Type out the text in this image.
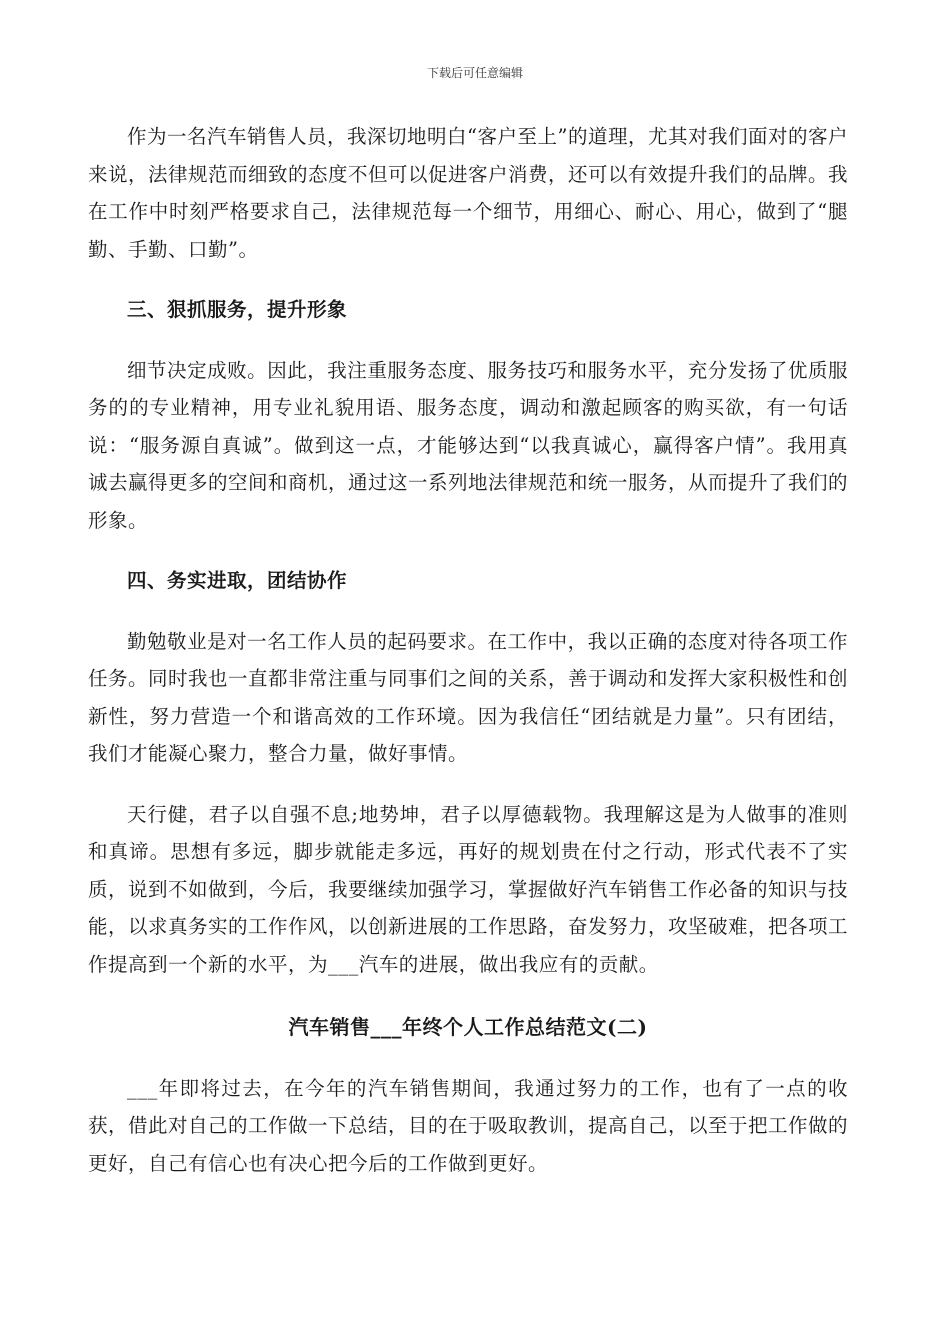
下载后可任意编辑

作为一名汽车销售人员，我深切地明白“客户至上”的道理，尤其对我们面对的客户来说，法律规范而细致的态度不但可以促进客户消费，还可以有效提升我们的品牌。我在工作中时刻严格要求自己，法律规范每一个细节，用细心、耐心、用心，做到了“腿勤、手勤、口勤”。

三、狠抓服务，提升形象

细节决定成败。因此，我注重服务态度、服务技巧和服务水平，充分发扬了优质服务的的专业精神，用专业礼貌用语、服务态度，调动和激起顾客的购买欲，有一句话说：“服务源自真诚”。做到这一点，才能够达到“以我真诚心，赢得客户情”。我用真诚去赢得更多的空间和商机，通过这一系列地法律规范和统一服务，从而提升了我们的形象。

四、务实进取，团结协作

勤勉敬业是对一名工作人员的起码要求。在工作中，我以正确的态度对待各项工作任务。同时我也一直都非常注重与同事们之间的关系，善于调动和发挥大家积极性和创新性，努力营造一个和谐高效的工作环境。因为我信任“团结就是力量”。只有团结，我们才能凝心聚力，整合力量，做好事情。

天行健，君子以自强不息;地势坤，君子以厚德载物。我理解这是为人做事的准则和真谛。思想有多远，脚步就能走多远，再好的规划贵在付之行动，形式代表不了实质，说到不如做到，今后，我要继续加强学习，掌握做好汽车销售工作必备的知识与技能，以求真务实的工作作风，以创新进展的工作思路，奋发努力，攻坚破难，把各项工作提高到一个新的水平，为___汽车的进展，做出我应有的贡献。

汽车销售___年终个人工作总结范文(二)

___年即将过去，在今年的汽车销售期间，我通过努力的工作，也有了一点的收获，借此对自己的工作做一下总结，目的在于吸取教训，提高自己，以至于把工作做的更好，自己有信心也有决心把今后的工作做到更好。
